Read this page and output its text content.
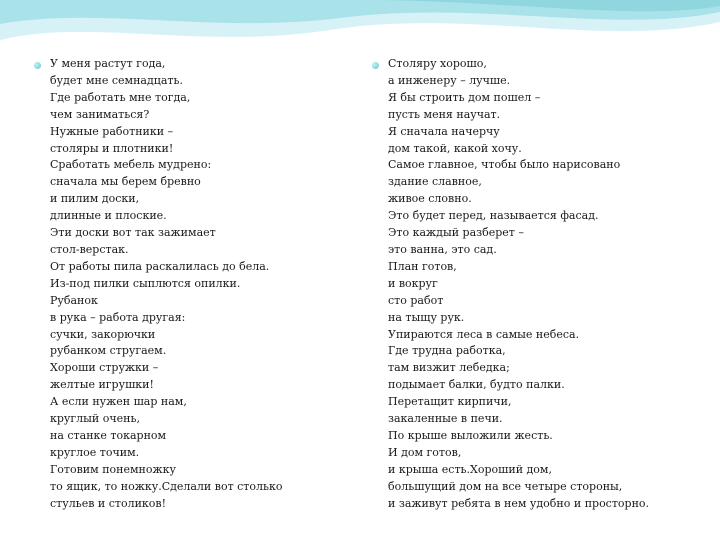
У меня растут года,
будет мне семнадцать.
Где работать мне тогда,
чем заниматься?
Нужные работники –
столяры и плотники!
Сработать мебель мудрено:
сначала мы берем бревно
и пилим доски,
длинные и плоские.
Эти доски вот так зажимает
стол-верстак.
От работы пила раскалилась до бела.
Из-под пилки сыплются опилки.
Рубанок
в рука – работа другая:
сучки, закорючки
рубанком стругаем.
Хороши стружки –
желтые игрушки!
А если нужен шар нам,
круглый очень,
на станке токарном
круглое точим.
Готовим понемножку
то ящик, то ножку.Сделали вот столько
стульев и столиков!
Столяру хорошо,
а инженеру – лучше.
Я бы строить дом пошел –
пусть меня научат.
Я сначала начерчу
дом такой, какой хочу.
Самое главное, чтобы было нарисовано
здание славное,
живое словно.
Это будет перед, называется фасад.
Это каждый разберет –
это ванна, это сад.
План готов,
и вокруг
сто работ
на тыщу рук.
Упираются леса в самые небеса.
Где трудна работка,
там визжит лебедка;
подымает балки, будто палки.
Перетащит кирпичи,
закаленные в печи.
По крыше выложили жесть.
И дом готов,
и крыша есть.Хороший дом,
большущий дом на все четыре стороны,
и заживут ребята в нем удобно и просторно.
